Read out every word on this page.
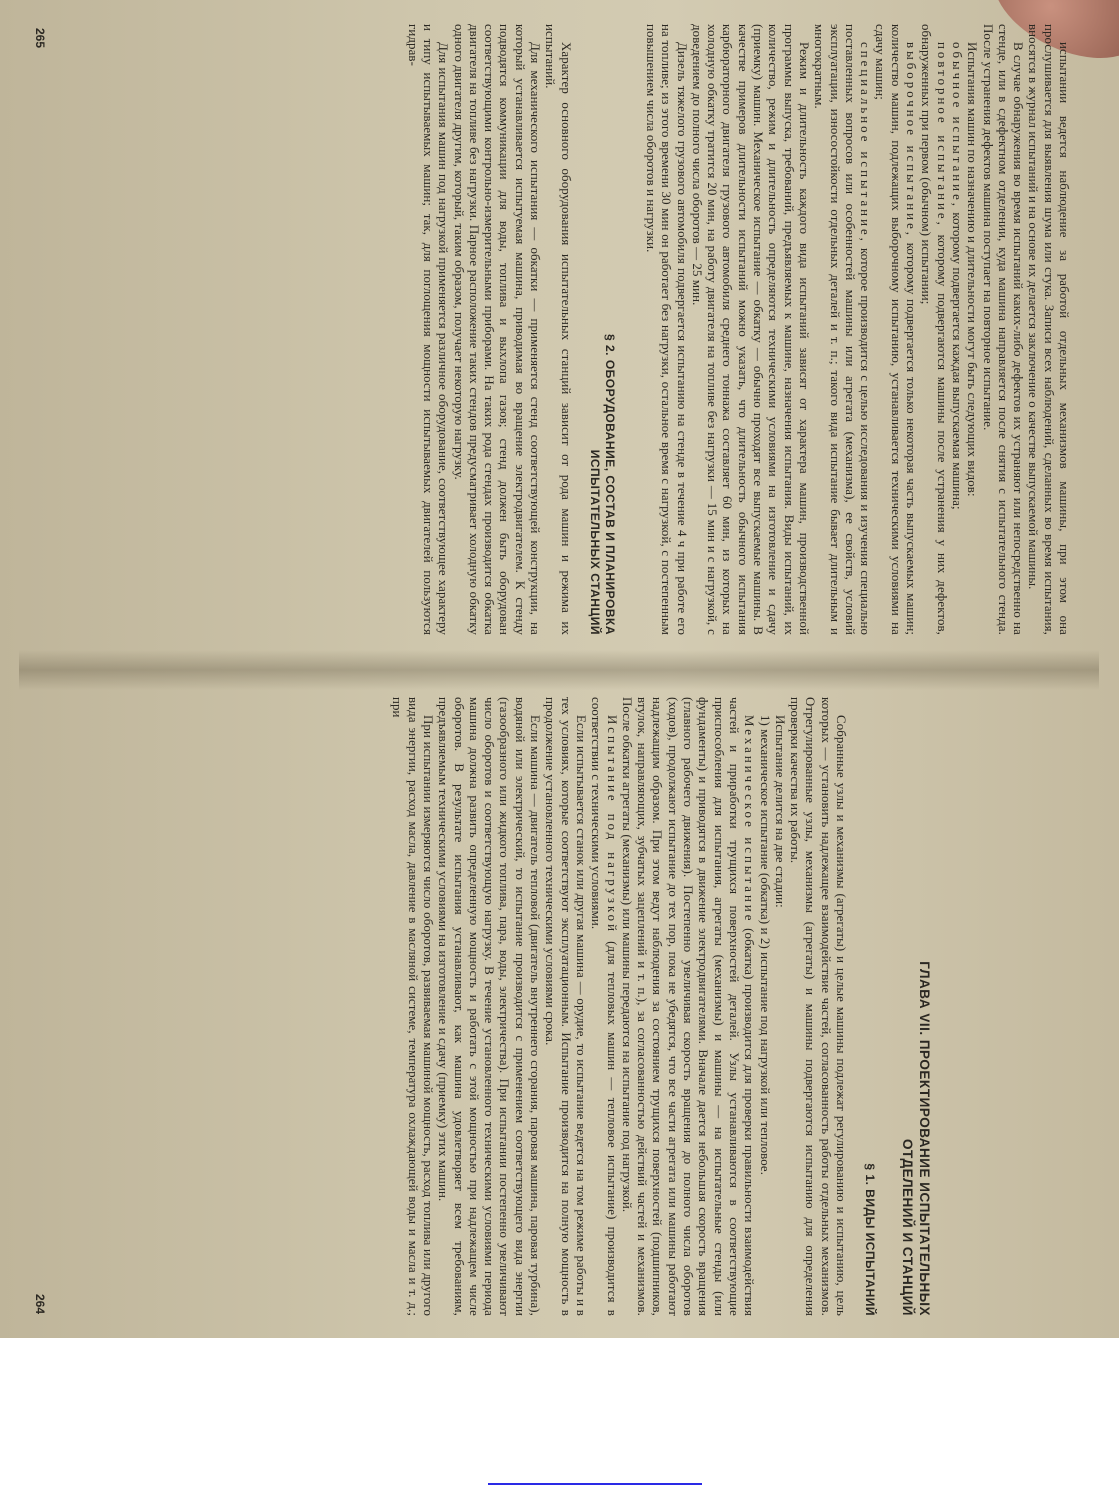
испытании ведется наблюдение за работой отдельных механизмов машины, при этом она прослушивается для выявления шума или стука. Записи всех наблюдений, сделанных во время испытания, вносятся в журнал испытаний и на основе их делается заключение о качестве выпускаемой машины.

В случае обнаружения во время испытаний каких-либо дефектов их устраняют или непосредственно на стенде, или в сдефектном отделении, куда машина направляется после снятия с испытательного стенда. После устранения дефектов машина поступает на повторное испытание.

Испытания машин по назначению и длительности могут быть следующих видов:

обычное испытание, которому подвергается каждая выпускаемая машина;

повторное испытание, которому подвергаются машины после устранения у них дефектов, обнаруженных при первом (обычном) испытании;

выборочное испытание, которому подвергается только некоторая часть выпускаемых машин; количество машин, подлежащих выборочному испытанию, устанавливается техническими условиями на сдачу машин;

специальное испытание, которое производится с целью исследования и изучения специально поставленных вопросов или особенностей машины или агрегата (механизма), ее свойств, условий эксплуатации, износостойкости отдельных деталей и т. п.; такого вида испытание бывает длительным и многократным.

Режим и длительность каждого вида испытаний зависят от характера машин, производственной программы выпуска, требований, предъявляемых к машине, назначения испытания. Виды испытаний, их количество, режим и длительность определяются техническими условиями на изготовление и сдачу (приемку) машин. Механическое испытание — обкатку — обычно проходят все выпускаемые машины. В качестве примеров длительности испытаний можно указать, что длительность обычного испытания карбюраторного двигателя грузового автомобиля среднего тоннажа составляет 60 мин, из которых на холодную обкатку тратится 20 мин, на работу двигателя на топливе без нагрузки — 15 мин и с нагрузкой, с доведением до полного числа оборотов — 25 мин.

Дизель тяжелого грузового автомобиля подвергается испытанию на стенде в течение 4 ч при работе его на топливе; из этого времени 30 мин он работает без нагрузки, остальное время с нагрузкой, с постепенным повышением числа оборотов и нагрузки.

§ 2. ОБОРУДОВАНИЕ, СОСТАВ И ПЛАНИРОВКА
ИСПЫТАТЕЛЬНЫХ СТАНЦИЙ

Характер основного оборудования испытательных станций зависит от рода машин и режима их испытаний.

Для механического испытания — обкатки — применяется стенд соответствующей конструкции, на который устанавливается испытуемая машина, приводимая во вращение электродвигателем. К стенду подводятся коммуникации для воды, топлива и выхлопа газов; стенд должен быть оборудован соответствующими контрольно-измерительными приборами. На таких рода стендах производится обкатка двигателя на топливе без нагрузки. Парное расположение таких стендов предусматривает холодную обкатку одного двигателя другим, который, таким образом, получает некоторую нагрузку.

Для испытания машин под нагрузкой применяется различное оборудование, соответствующее характеру и типу испытываемых машин; так, для поглощения мощности испытываемых двигателей пользуются гидрав-

265
ГЛАВА VII. ПРОЕКТИРОВАНИЕ ИСПЫТАТЕЛЬНЫХ
ОТДЕЛЕНИЙ И СТАНЦИЙ
§ 1. ВИДЫ ИСПЫТАНИЙ

Собранные узлы и механизмы (агрегаты) и целые машины подлежат регулированию и испытанию, цель которых — установить надлежащее взаимодействие частей, согласованность работы отдельных механизмов. Отрегулированные узлы, механизмы (агрегаты) и машины подвергаются испытанию для определения проверки качества их работы.

Испытание делится на две стадии:

1) механическое испытание (обкатка) и 2) испытание под нагрузкой или тепловое.

Механическое испытание (обкатка) производится для проверки правильности взаимодействия частей и приработки трущихся поверхностей деталей. Узлы устанавливаются в соответствующие приспособления для испытания, агрегаты (механизмы) и машины — на испытательные стенды (или фундаменты) и приводятся в движение электродвигателями. Вначале дается небольшая скорость вращения (главного рабочего движения). Постепенно увеличивая скорость вращения до полного числа оборотов (ходов), продолжают испытание до тех пор, пока не убедятся, что все части агрегата или машины работают надлежащим образом. При этом ведут наблюдения за состоянием трущихся поверхностей (подшипников, втулок, направляющих, зубчатых зацеплений и т. п.), за согласованностью действий частей и механизмов. После обкатки агрегаты (механизмы) или машины передаются на испытание под нагрузкой.

Испытание под нагрузкой (для тепловых машин — тепловое испытание) производится в соответствии с техническими условиями.

Если испытывается станок или другая машина — орудие, то испытание ведется на том режиме работы и в тех условиях, которые соответствуют эксплуатационным. Испытание производится на полную мощность в продолжение установленного техническими условиями срока.

Если машина — двигатель тепловой (двигатель внутреннего сгорания, паровая машина, паровая турбина), водяной или электрический, то испытание производится с применением соответствующего вида энергии (газообразного или жидкого топлива, пара, воды, электричества). При испытании постепенно увеличивают число оборотов и соответствующую нагрузку. В течение установленного техническими условиями периода машина должна развить определенную мощность и работать с этой мощностью при надлежащем числе оборотов. В результате испытания устанавливают, как машина удовлетворяет всем требованиям, предъявляемым техническими условиями на изготовление и сдачу (приемку) этих машин.

При испытании измеряются число оборотов, развиваемая машиной мощность, расход топлива или другого вида энергии, расход масла, давление в масляной системе, температура охлаждающей воды и масла и т. д.; при

264
